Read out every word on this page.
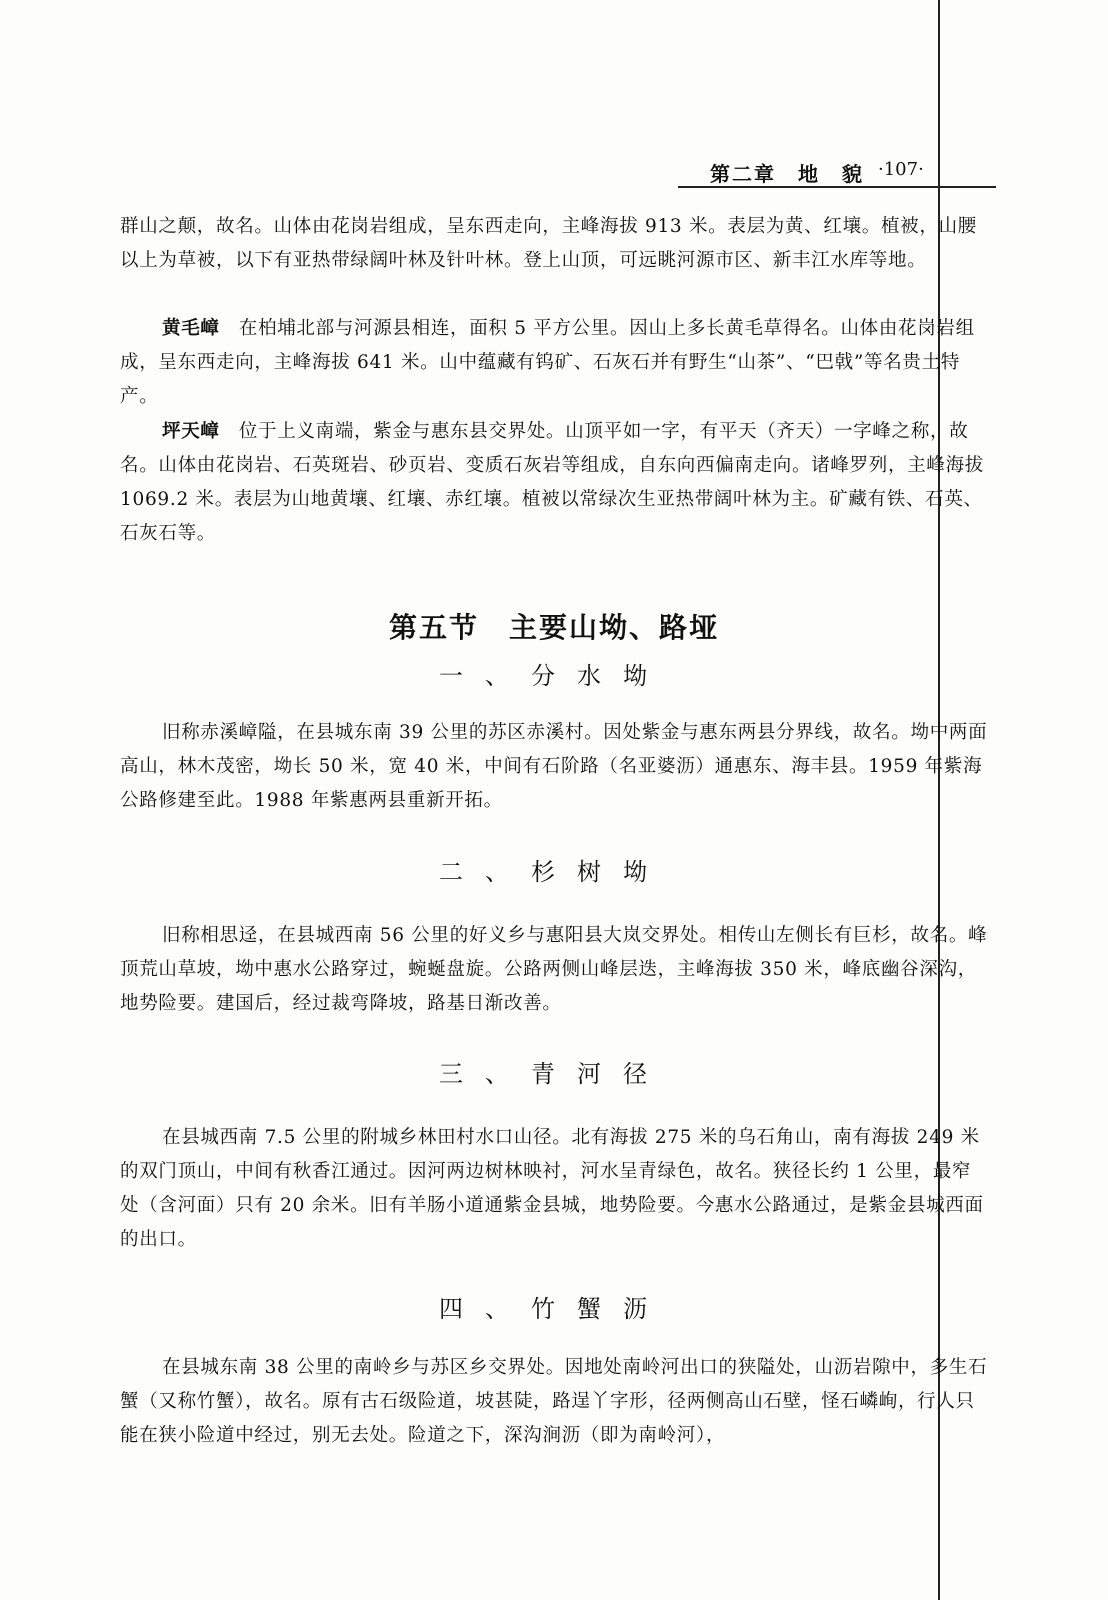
第二章　地　貌 ·107·

群山之颠，故名。山体由花岗岩组成，呈东西走向，主峰海拔 913 米。表层为黄、红壤。植被，山腰以上为草被，以下有亚热带绿阔叶林及针叶林。登上山顶，可远眺河源市区、新丰江水库等地。

黄毛嶂　 在柏埔北部与河源县相连，面积 5 平方公里。因山上多长黄毛草得名。山体由花岗岩组成，呈东西走向，主峰海拔 641 米。山中蕴藏有钨矿、石灰石并有野生“山茶”、“巴戟”等名贵土特产。

坪天嶂　 位于上义南端，紫金与惠东县交界处。山顶平如一字，有平天（齐天）一字峰之称，故名。山体由花岗岩、石英斑岩、砂页岩、变质石灰岩等组成，自东向西偏南走向。诸峰罗列，主峰海拔 1069.2 米。表层为山地黄壤、红壤、赤红壤。植被以常绿次生亚热带阔叶林为主。矿藏有铁、石英、石灰石等。

第五节　主要山坳、路垭
一、分水坳

旧称赤溪嶂隘，在县城东南 39 公里的苏区赤溪村。因处紫金与惠东两县分界线，故名。坳中两面高山，林木茂密，坳长 50 米，宽 40 米，中间有石阶路（名亚婆沥）通惠东、海丰县。1959 年紫海公路修建至此。1988 年紫惠两县重新开拓。

二、杉树坳

旧称相思迳，在县城西南 56 公里的好义乡与惠阳县大岚交界处。相传山左侧长有巨杉，故名。峰顶荒山草坡，坳中惠水公路穿过，蜿蜒盘旋。公路两侧山峰层迭，主峰海拔 350 米，峰底幽谷深沟，地势险要。建国后，经过裁弯降坡，路基日渐改善。

三、青河径

在县城西南 7.5 公里的附城乡林田村水口山径。北有海拔 275 米的乌石角山，南有海拔 249 米的双门顶山，中间有秋香江通过。因河两边树林映衬，河水呈青绿色，故名。狭径长约 1 公里，最窄处（含河面）只有 20 余米。旧有羊肠小道通紫金县城，地势险要。今惠水公路通过，是紫金县城西面的出口。

四、竹蟹沥

在县城东南 38 公里的南岭乡与苏区乡交界处。因地处南岭河出口的狭隘处，山沥岩隙中，多生石蟹（又称竹蟹），故名。原有古石级险道，坡甚陡，路逞丫字形，径两侧高山石壁，怪石嶙峋，行人只能在狭小险道中经过，别无去处。险道之下，深沟涧沥（即为南岭河），
